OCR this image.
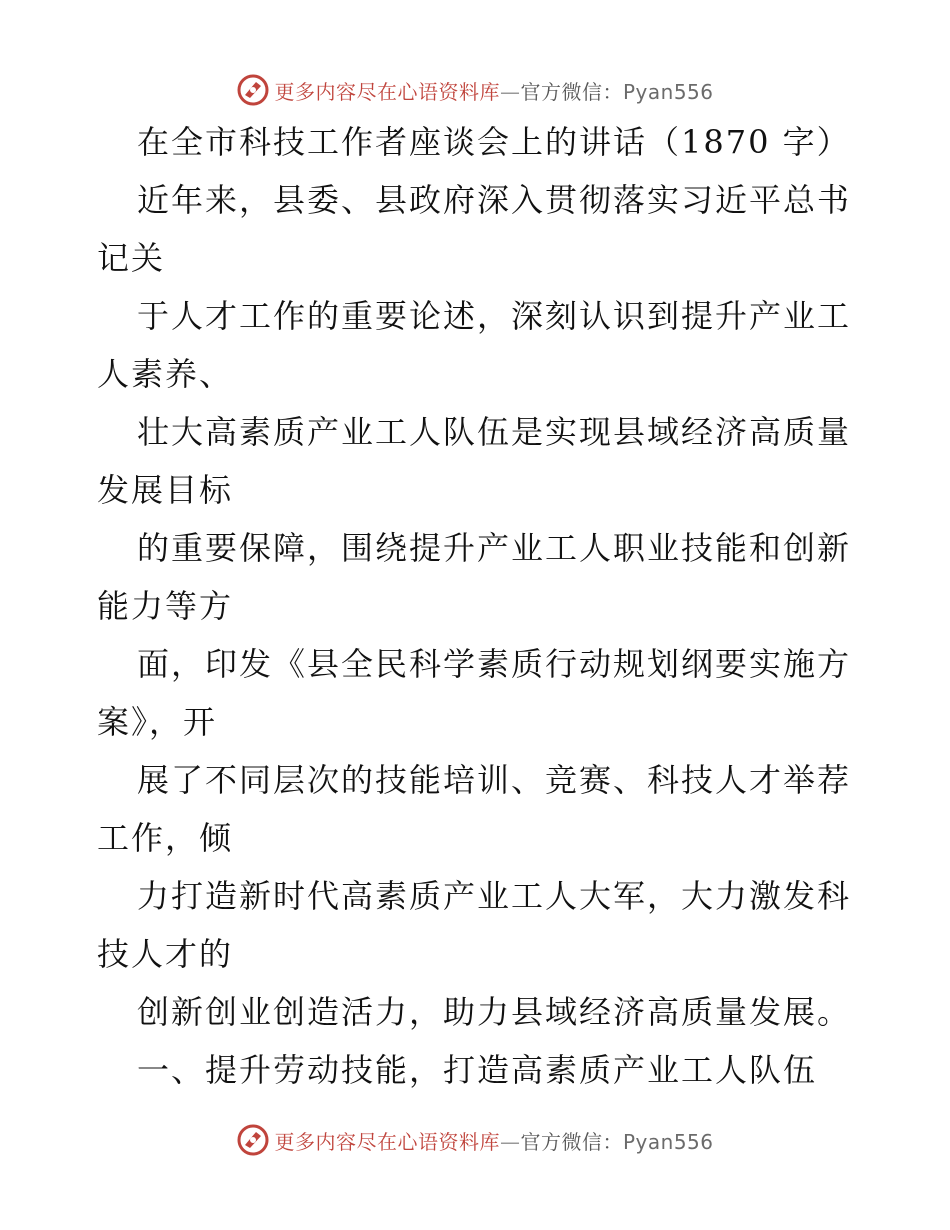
更多内容尽在心语资料库—官方微信：Pyan556
在全市科技工作者座谈会上的讲话（1870 字）
近年来，县委、县政府深入贯彻落实习近平总书
记关
于人才工作的重要论述，深刻认识到提升产业工
人素养、
壮大高素质产业工人队伍是实现县域经济高质量
发展目标
的重要保障，围绕提升产业工人职业技能和创新
能力等方
面，印发《县全民科学素质行动规划纲要实施方
案》，开
展了不同层次的技能培训、竞赛、科技人才举荐
工作，倾
力打造新时代高素质产业工人大军，大力激发科
技人才的
创新创业创造活力，助力县域经济高质量发展。
一、提升劳动技能，打造高素质产业工人队伍
更多内容尽在心语资料库—官方微信：Pyan556
